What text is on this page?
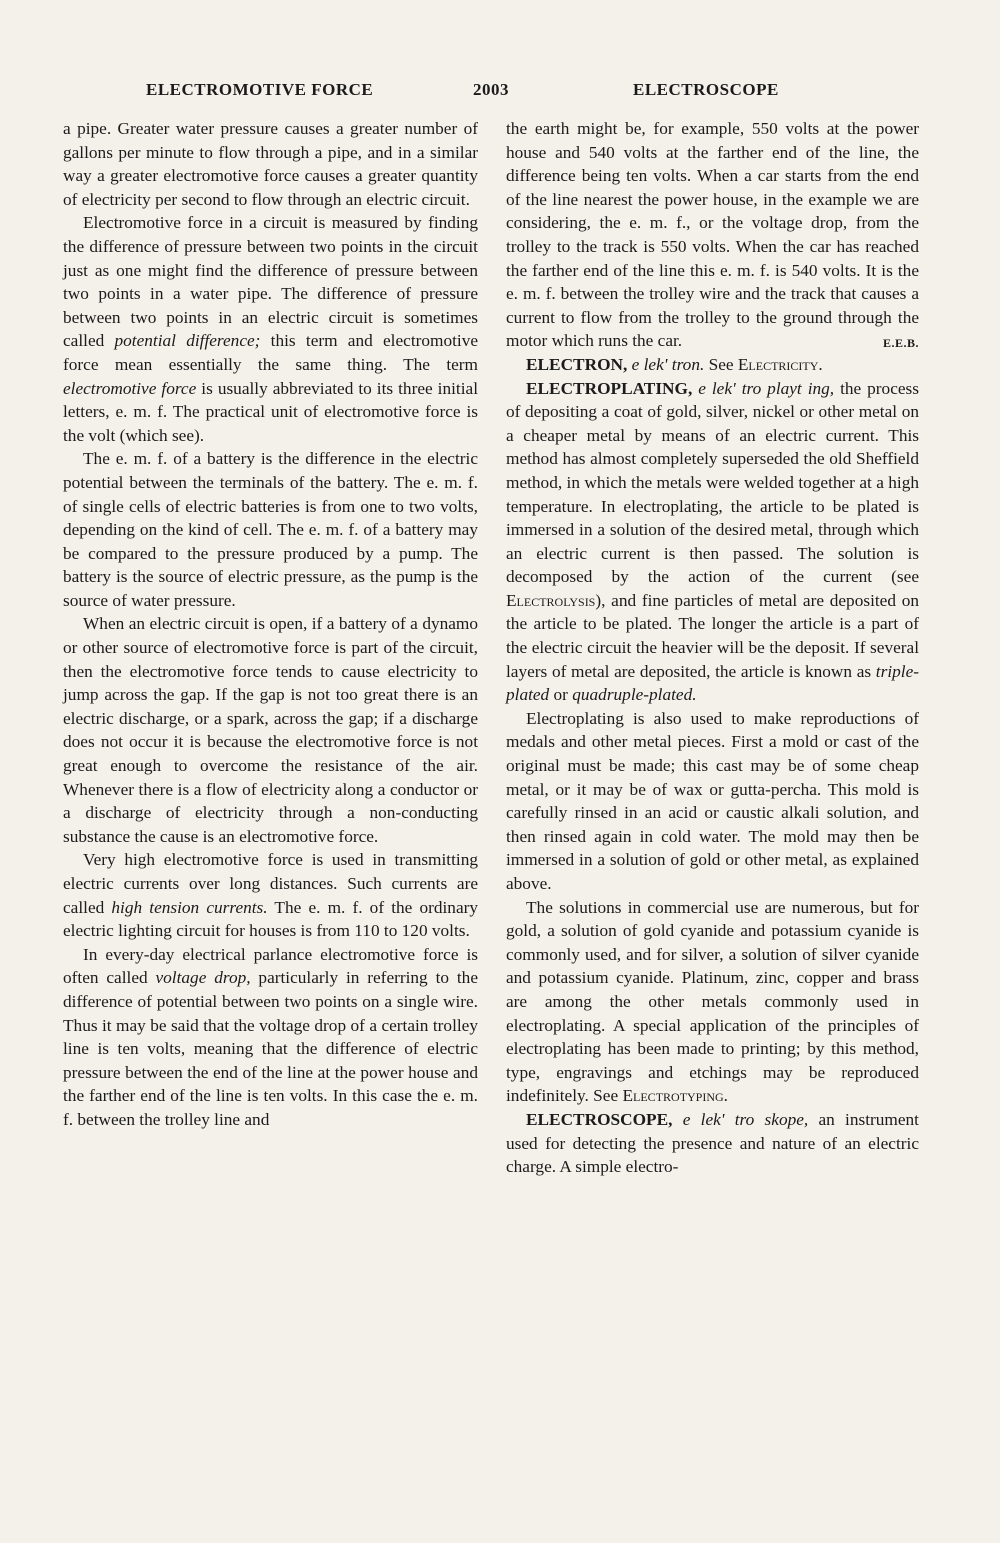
ELECTROMOTIVE FORCE	2003	ELECTROSCOPE

a pipe. Greater water pressure causes a greater number of gallons per minute to flow through a pipe, and in a similar way a greater electromotive force causes a greater quantity of electricity per second to flow through an electric circuit.

Electromotive force in a circuit is measured by finding the difference of pressure between two points in the circuit just as one might find the difference of pressure between two points in a water pipe. The difference of pressure between two points in an electric circuit is sometimes called potential difference; this term and electromotive force mean essentially the same thing. The term electromotive force is usually abbreviated to its three initial letters, e. m. f. The practical unit of electromotive force is the volt (which see).

The e. m. f. of a battery is the difference in the electric potential between the terminals of the battery. The e. m. f. of single cells of electric batteries is from one to two volts, depending on the kind of cell. The e. m. f. of a battery may be compared to the pressure produced by a pump. The battery is the source of electric pressure, as the pump is the source of water pressure.

When an electric circuit is open, if a battery of a dynamo or other source of electromotive force is part of the circuit, then the electromotive force tends to cause electricity to jump across the gap. If the gap is not too great there is an electric discharge, or a spark, across the gap; if a discharge does not occur it is because the electromotive force is not great enough to overcome the resistance of the air. Whenever there is a flow of electricity along a conductor or a discharge of electricity through a non-conducting substance the cause is an electromotive force.

Very high electromotive force is used in transmitting electric currents over long distances. Such currents are called high tension currents. The e. m. f. of the ordinary electric lighting circuit for houses is from 110 to 120 volts.

In every-day electrical parlance electromotive force is often called voltage drop, particularly in referring to the difference of potential between two points on a single wire. Thus it may be said that the voltage drop of a certain trolley line is ten volts, meaning that the difference of electric pressure between the end of the line at the power house and the farther end of the line is ten volts. In this case the e. m. f. between the trolley line and

the earth might be, for example, 550 volts at the power house and 540 volts at the farther end of the line, the difference being ten volts. When a car starts from the end of the line nearest the power house, in the example we are considering, the e. m. f., or the voltage drop, from the trolley to the track is 550 volts. When the car has reached the farther end of the line this e. m. f. is 540 volts. It is the e. m. f. between the trolley wire and the track that causes a current to flow from the trolley to the ground through the motor which runs the car.	E.E.B.

ELECTRON, e lek' tron. See Electricity.

ELECTROPLATING, e lek' tro playt ing, the process of depositing a coat of gold, silver, nickel or other metal on a cheaper metal by means of an electric current. This method has almost completely superseded the old Sheffield method, in which the metals were welded together at a high temperature. In electroplating, the article to be plated is immersed in a solution of the desired metal, through which an electric current is then passed. The solution is decomposed by the action of the current (see Electrolysis), and fine particles of metal are deposited on the article to be plated. The longer the article is a part of the electric circuit the heavier will be the deposit. If several layers of metal are deposited, the article is known as triple-plated or quadruple-plated.

Electroplating is also used to make reproductions of medals and other metal pieces. First a mold or cast of the original must be made; this cast may be of some cheap metal, or it may be of wax or gutta-percha. This mold is carefully rinsed in an acid or caustic alkali solution, and then rinsed again in cold water. The mold may then be immersed in a solution of gold or other metal, as explained above.

The solutions in commercial use are numerous, but for gold, a solution of gold cyanide and potassium cyanide is commonly used, and for silver, a solution of silver cyanide and potassium cyanide. Platinum, zinc, copper and brass are among the other metals commonly used in electroplating. A special application of the principles of electroplating has been made to printing; by this method, type, engravings and etchings may be reproduced indefinitely. See Electrotyping.

ELECTROSCOPE, e lek' tro skope, an instrument used for detecting the presence and nature of an electric charge. A simple electro-
